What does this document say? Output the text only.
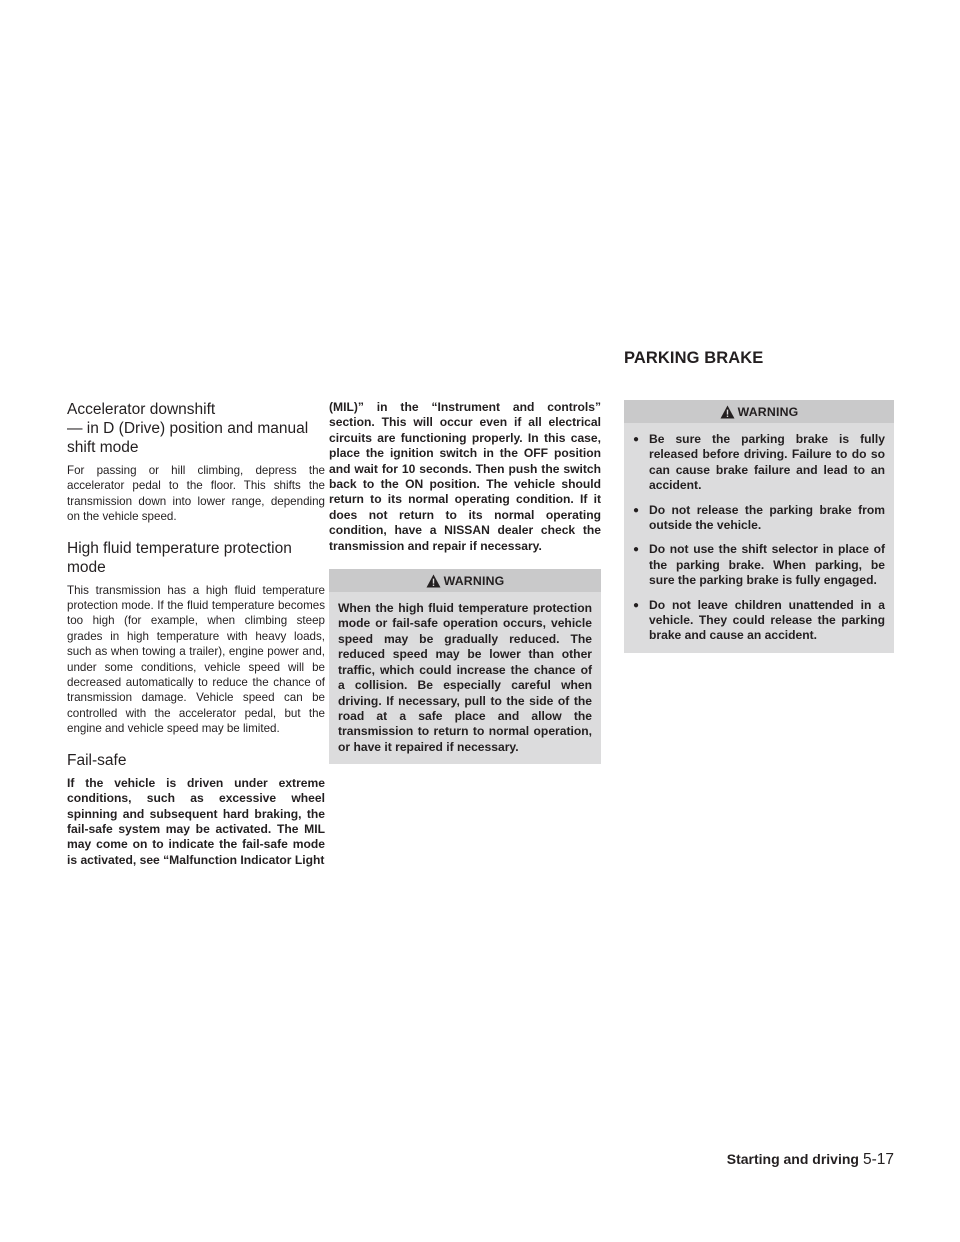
PARKING BRAKE
Accelerator downshift
— in D (Drive) position and manual
shift mode

For passing or hill climbing, depress the accelerator pedal to the floor. This shifts the transmission down into lower range, depending on the vehicle speed.

High fluid temperature protection
mode

This transmission has a high fluid temperature protection mode. If the fluid temperature becomes too high (for example, when climbing steep grades in high temperature with heavy loads, such as when towing a trailer), engine power and, under some conditions, vehicle speed will be decreased automatically to reduce the chance of transmission damage. Vehicle speed can be controlled with the accelerator pedal, but the engine and vehicle speed may be limited.

Fail-safe

If the vehicle is driven under extreme conditions, such as excessive wheel spinning and subsequent hard braking, the fail-safe system may be activated. The MIL may come on to indicate the fail-safe mode is activated, see “Malfunction Indicator Light

(MIL)” in the “Instrument and controls” section. This will occur even if all electrical circuits are functioning properly. In this case, place the ignition switch in the OFF position and wait for 10 seconds. Then push the switch back to the ON position. The vehicle should return to its normal operating condition. If it does not return to its normal operating condition, have a NISSAN dealer check the transmission and repair if necessary.

WARNING

When the high fluid temperature protection mode or fail-safe operation occurs, vehicle speed may be gradually reduced. The reduced speed may be lower than other traffic, which could increase the chance of a collision. Be especially careful when driving. If necessary, pull to the side of the road at a safe place and allow the transmission to return to normal operation, or have it repaired if necessary.

WARNING
● Be sure the parking brake is fully released before driving. Failure to do so can cause brake failure and lead to an accident.
● Do not release the parking brake from outside the vehicle.
● Do not use the shift selector in place of the parking brake. When parking, be sure the parking brake is fully engaged.
● Do not leave children unattended in a vehicle. They could release the parking brake and cause an accident.
Starting and driving 5-17
